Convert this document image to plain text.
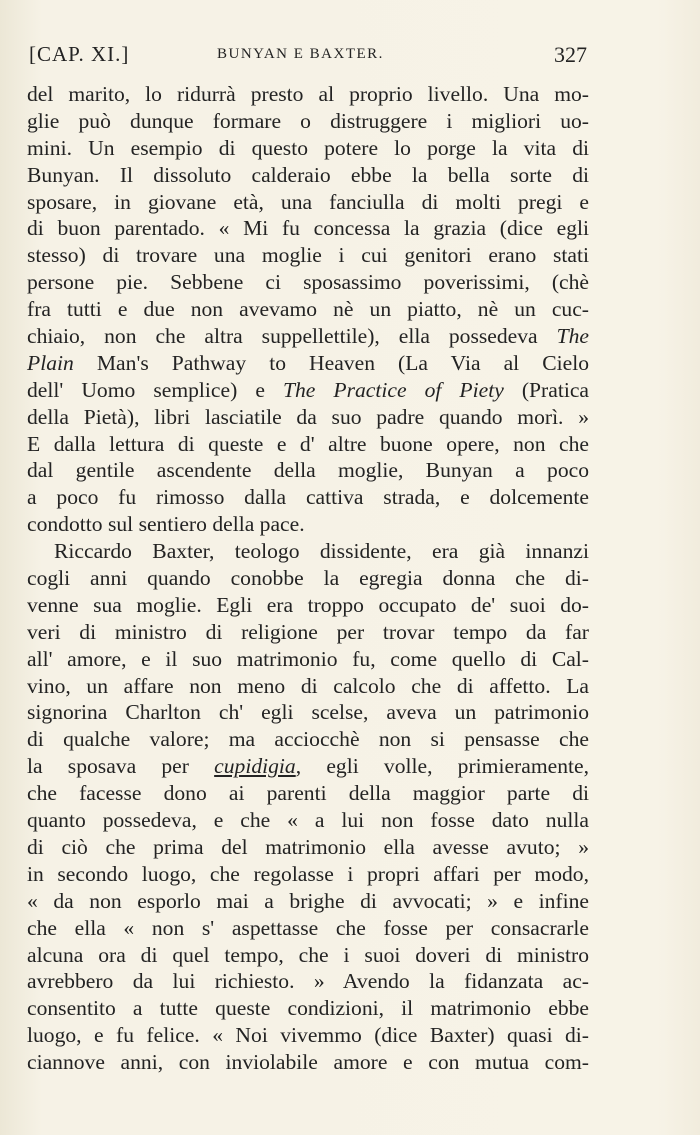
[CAP. XI.]	BUNYAN E BAXTER.	327
del marito, lo ridurrà presto al proprio livello. Una mo-
glie può dunque formare o distruggere i migliori uo-
mini. Un esempio di questo potere lo porge la vita di
Bunyan. Il dissoluto calderaio ebbe la bella sorte di
sposare, in giovane età, una fanciulla di molti pregi e
di buon parentado. « Mi fu concessa la grazia (dice egli
stesso) di trovare una moglie i cui genitori erano stati
persone pie. Sebbene ci sposassimo poverissimi, (chè
fra tutti e due non avevamo nè un piatto, nè un cuc-
chiaio, non che altra suppellettile), ella possedeva The
Plain Man's Pathway to Heaven (La Via al Cielo
dell' Uomo semplice) e The Practice of Piety (Pratica
della Pietà), libri lasciatile da suo padre quando morì. »
E dalla lettura di queste e d' altre buone opere, non che
dal gentile ascendente della moglie, Bunyan a poco
a poco fu rimosso dalla cattiva strada, e dolcemente
condotto sul sentiero della pace.
Riccardo Baxter, teologo dissidente, era già innanzi
cogli anni quando conobbe la egregia donna che di-
venne sua moglie. Egli era troppo occupato de' suoi do-
veri di ministro di religione per trovar tempo da far
all' amore, e il suo matrimonio fu, come quello di Cal-
vino, un affare non meno di calcolo che di affetto. La
signorina Charlton ch' egli scelse, aveva un patrimonio
di qualche valore; ma acciocchè non si pensasse che
la sposava per cupidigia, egli volle, primieramente,
che facesse dono ai parenti della maggior parte di
quanto possedeva, e che « a lui non fosse dato nulla
di ciò che prima del matrimonio ella avesse avuto; »
in secondo luogo, che regolasse i propri affari per modo,
« da non esporlo mai a brighe di avvocati; » e infine
che ella « non s' aspettasse che fosse per consacrarle
alcuna ora di quel tempo, che i suoi doveri di ministro
avrebbero da lui richiesto. » Avendo la fidanzata ac-
consentito a tutte queste condizioni, il matrimonio ebbe
luogo, e fu felice. « Noi vivemmo (dice Baxter) quasi di-
ciannove anni, con inviolabile amore e con mutua com-
